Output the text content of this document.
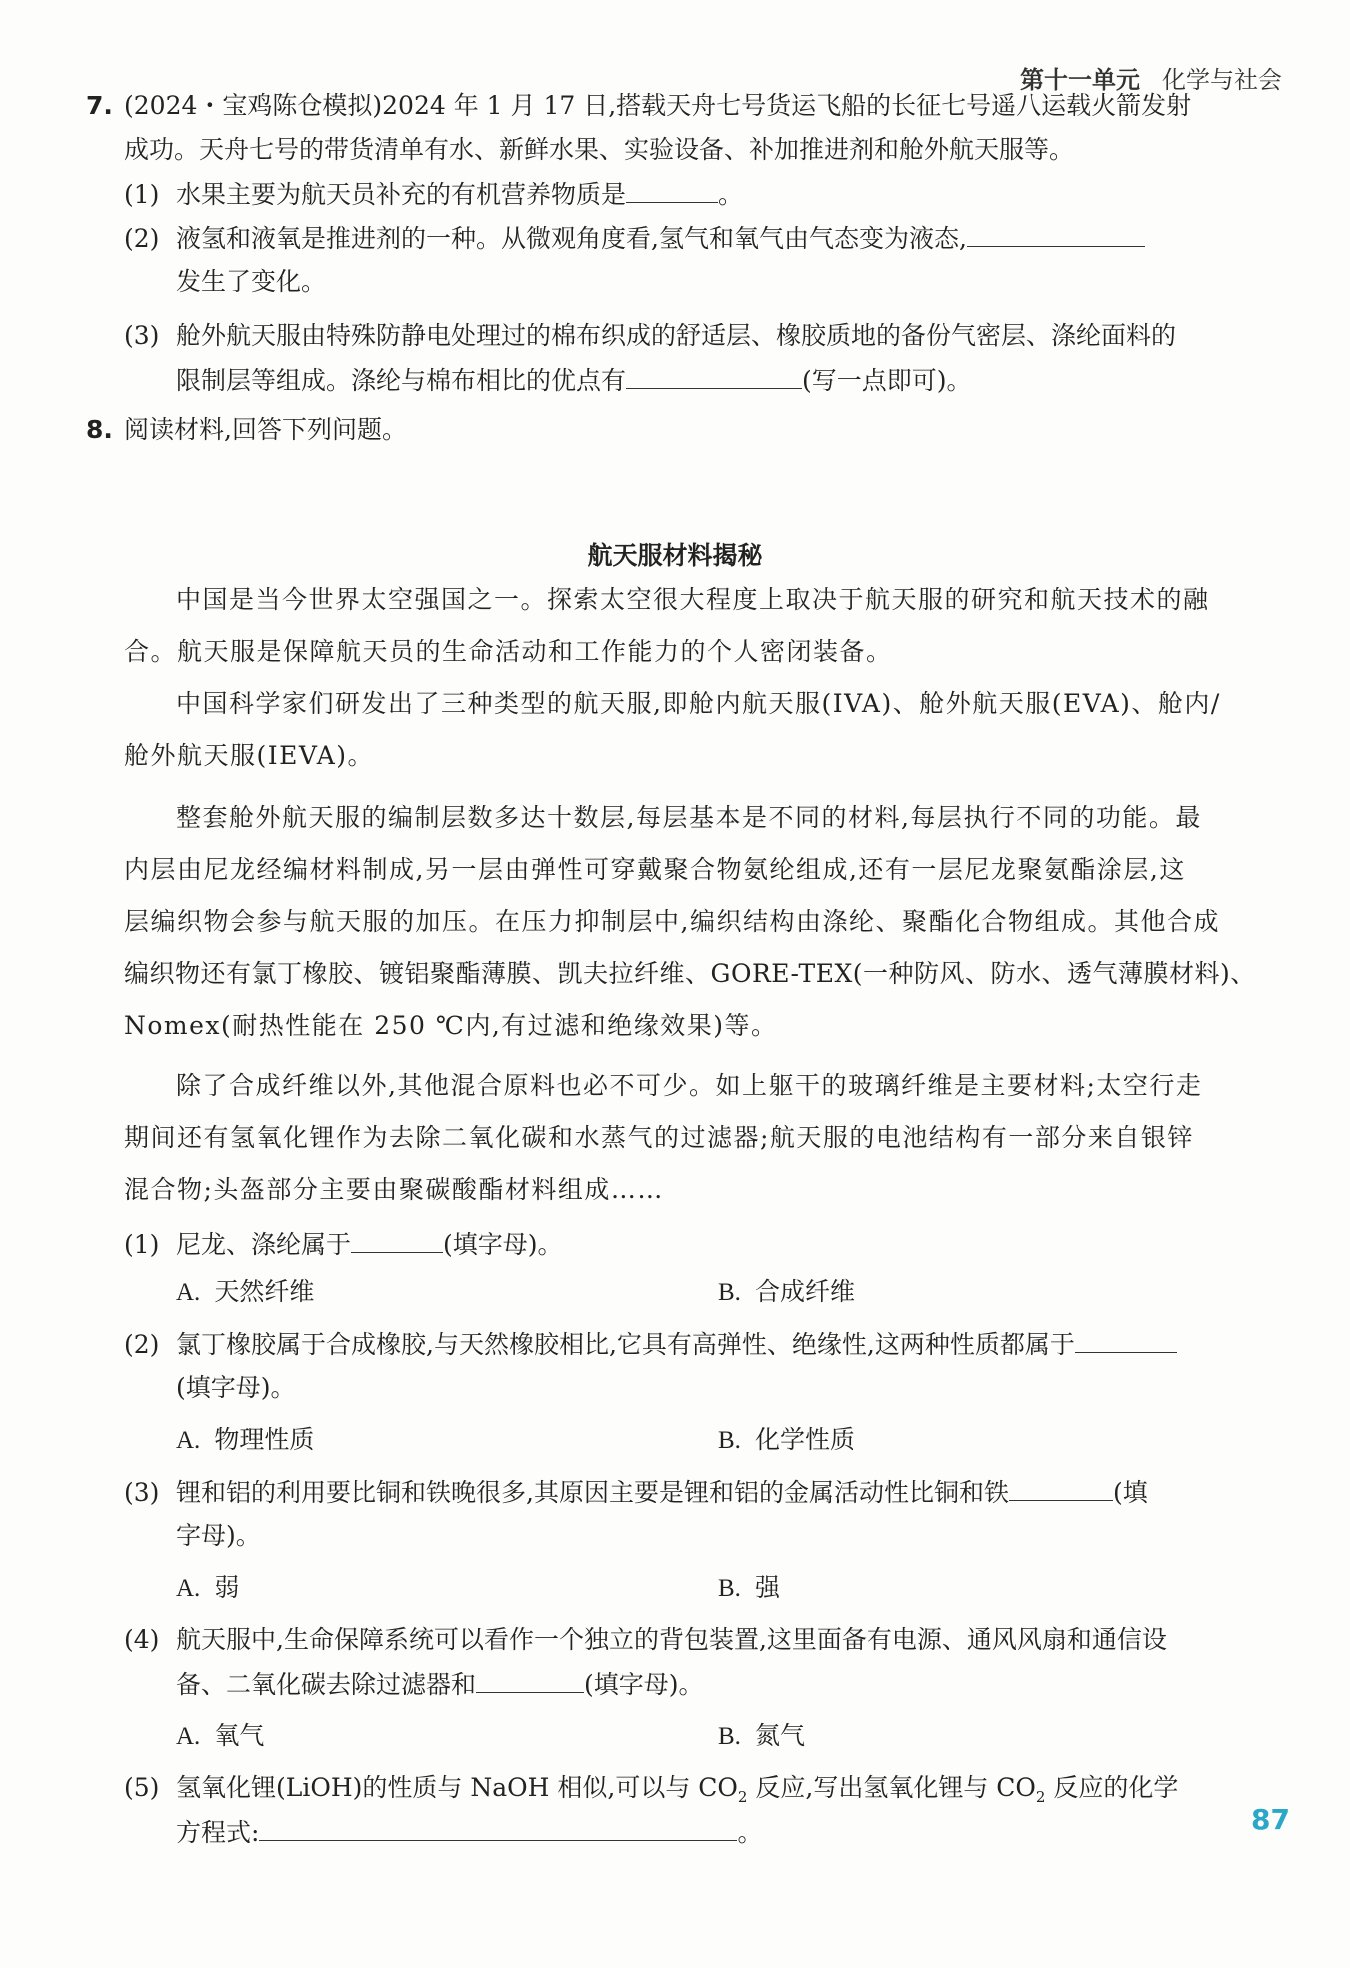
第十一单元 化学与社会
7. (2024・宝鸡陈仓模拟)2024 年 1 月 17 日,搭载天舟七号货运飞船的长征七号遥八运载火箭发射
成功。天舟七号的带货清单有水、新鲜水果、实验设备、补加推进剂和舱外航天服等。
(1) 水果主要为航天员补充的有机营养物质是	。
(2) 液氢和液氧是推进剂的一种。从微观角度看,氢气和氧气由气态变为液态,
发生了变化。
(3) 舱外航天服由特殊防静电处理过的棉布织成的舒适层、橡胶质地的备份气密层、涤纶面料的
限制层等组成。涤纶与棉布相比的优点有	(写一点即可)。
8. 阅读材料,回答下列问题。
航天服材料揭秘
中国是当今世界太空强国之一。探索太空很大程度上取决于航天服的研究和航天技术的融
合。航天服是保障航天员的生命活动和工作能力的个人密闭装备。
中国科学家们研发出了三种类型的航天服,即舱内航天服(IVA)、舱外航天服(EVA)、舱内/
舱外航天服(IEVA)。
整套舱外航天服的编制层数多达十数层,每层基本是不同的材料,每层执行不同的功能。最
内层由尼龙经编材料制成,另一层由弹性可穿戴聚合物氨纶组成,还有一层尼龙聚氨酯涂层,这
层编织物会参与航天服的加压。在压力抑制层中,编织结构由涤纶、聚酯化合物组成。其他合成
编织物还有氯丁橡胶、镀铝聚酯薄膜、凯夫拉纤维、GORE-TEX(一种防风、防水、透气薄膜材料)、
Nomex(耐热性能在 250 ℃内,有过滤和绝缘效果)等。
除了合成纤维以外,其他混合原料也必不可少。如上躯干的玻璃纤维是主要材料;太空行走
期间还有氢氧化锂作为去除二氧化碳和水蒸气的过滤器;航天服的电池结构有一部分来自银锌
混合物;头盔部分主要由聚碳酸酯材料组成……
(1) 尼龙、涤纶属于	(填字母)。
A. 天然纤维	B. 合成纤维
(2) 氯丁橡胶属于合成橡胶,与天然橡胶相比,它具有高弹性、绝缘性,这两种性质都属于
(填字母)。
A. 物理性质	B. 化学性质
(3) 锂和铝的利用要比铜和铁晚很多,其原因主要是锂和铝的金属活动性比铜和铁	(填
字母)。
A. 弱	B. 强
(4) 航天服中,生命保障系统可以看作一个独立的背包装置,这里面备有电源、通风风扇和通信设
备、二氧化碳去除过滤器和	(填字母)。
A. 氧气	B. 氮气
(5) 氢氧化锂(LiOH)的性质与 NaOH 相似,可以与 $CO_2$ 反应,写出氢氧化锂与 $CO_2$ 反应的化学
方程式:	。	87
